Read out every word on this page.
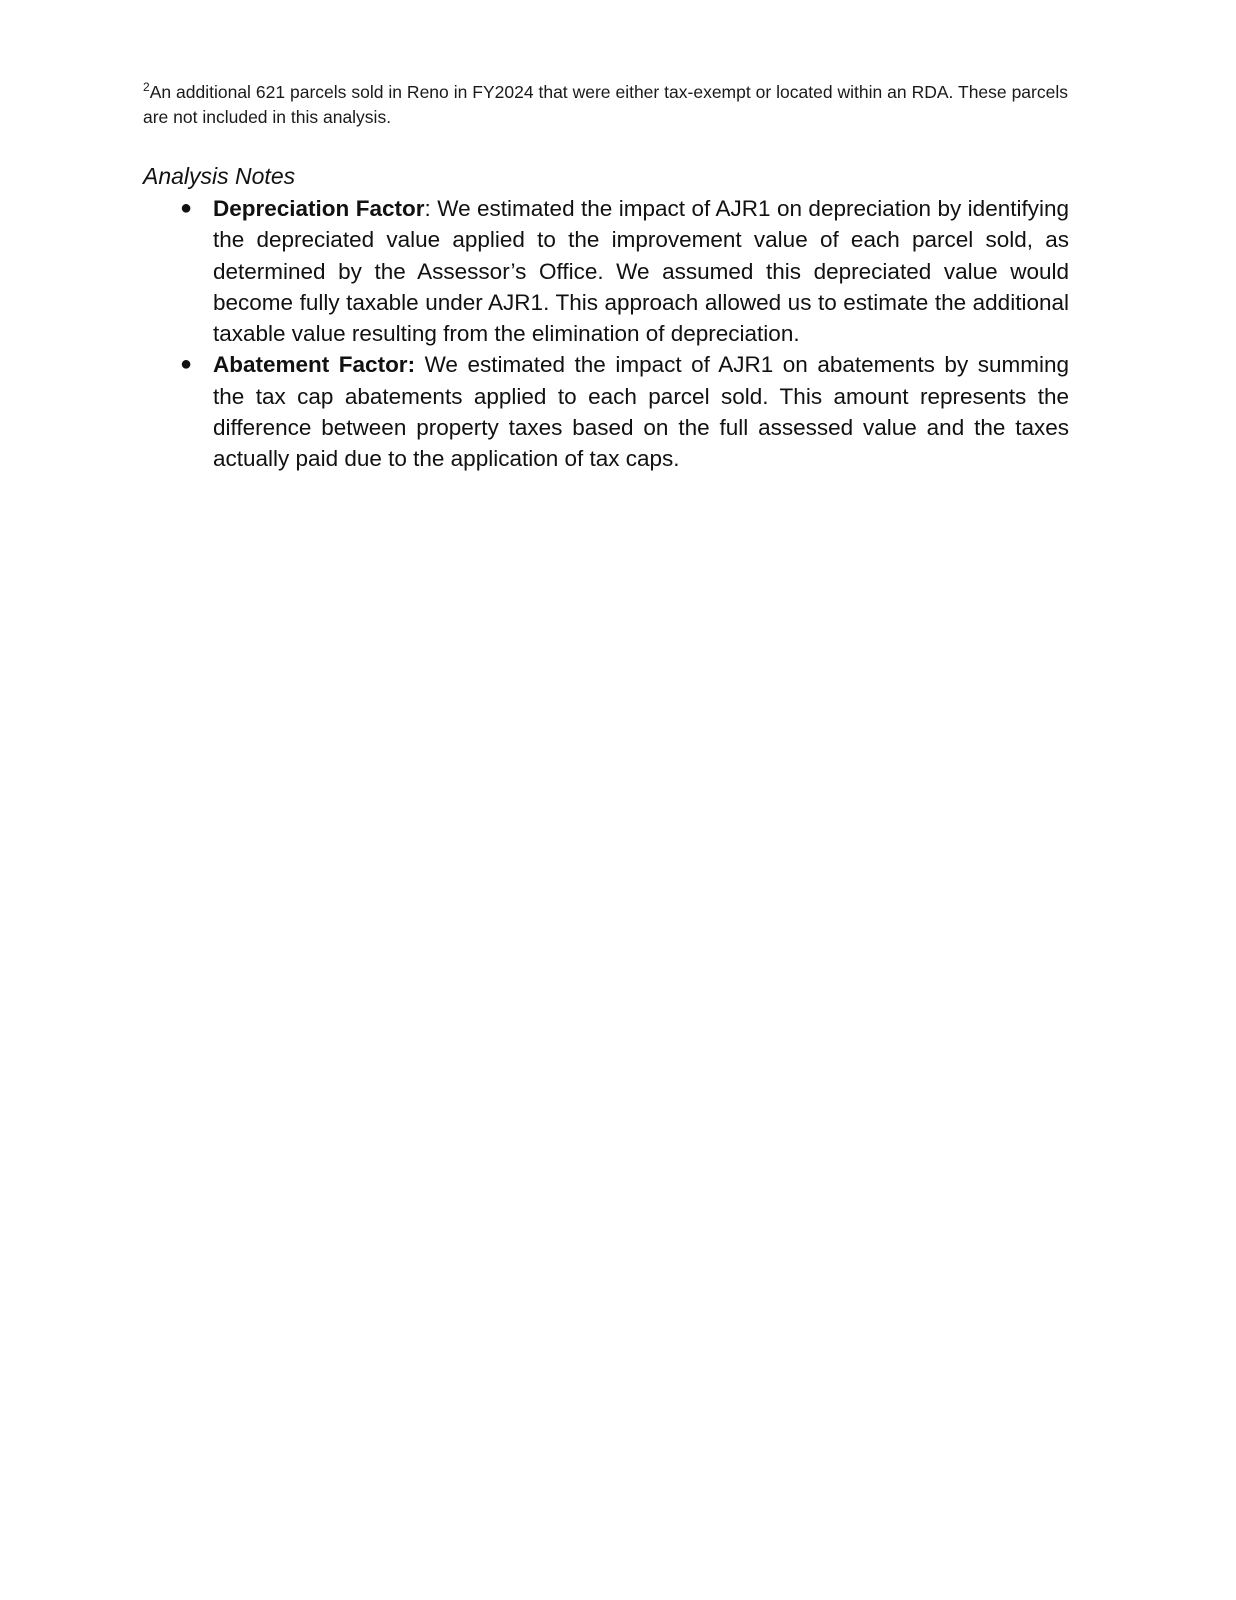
$^2$An additional 621 parcels sold in Reno in FY2024 that were either tax-exempt or located within an RDA. These parcels are not included in this analysis.

Analysis Notes
● Depreciation Factor: We estimated the impact of AJR1 on depreciation by identifying the depreciated value applied to the improvement value of each parcel sold, as determined by the Assessor’s Office. We assumed this depreciated value would become fully taxable under AJR1. This approach allowed us to estimate the additional taxable value resulting from the elimination of depreciation.
● Abatement Factor: We estimated the impact of AJR1 on abatements by summing the tax cap abatements applied to each parcel sold. This amount represents the difference between property taxes based on the full assessed value and the taxes actually paid due to the application of tax caps.
